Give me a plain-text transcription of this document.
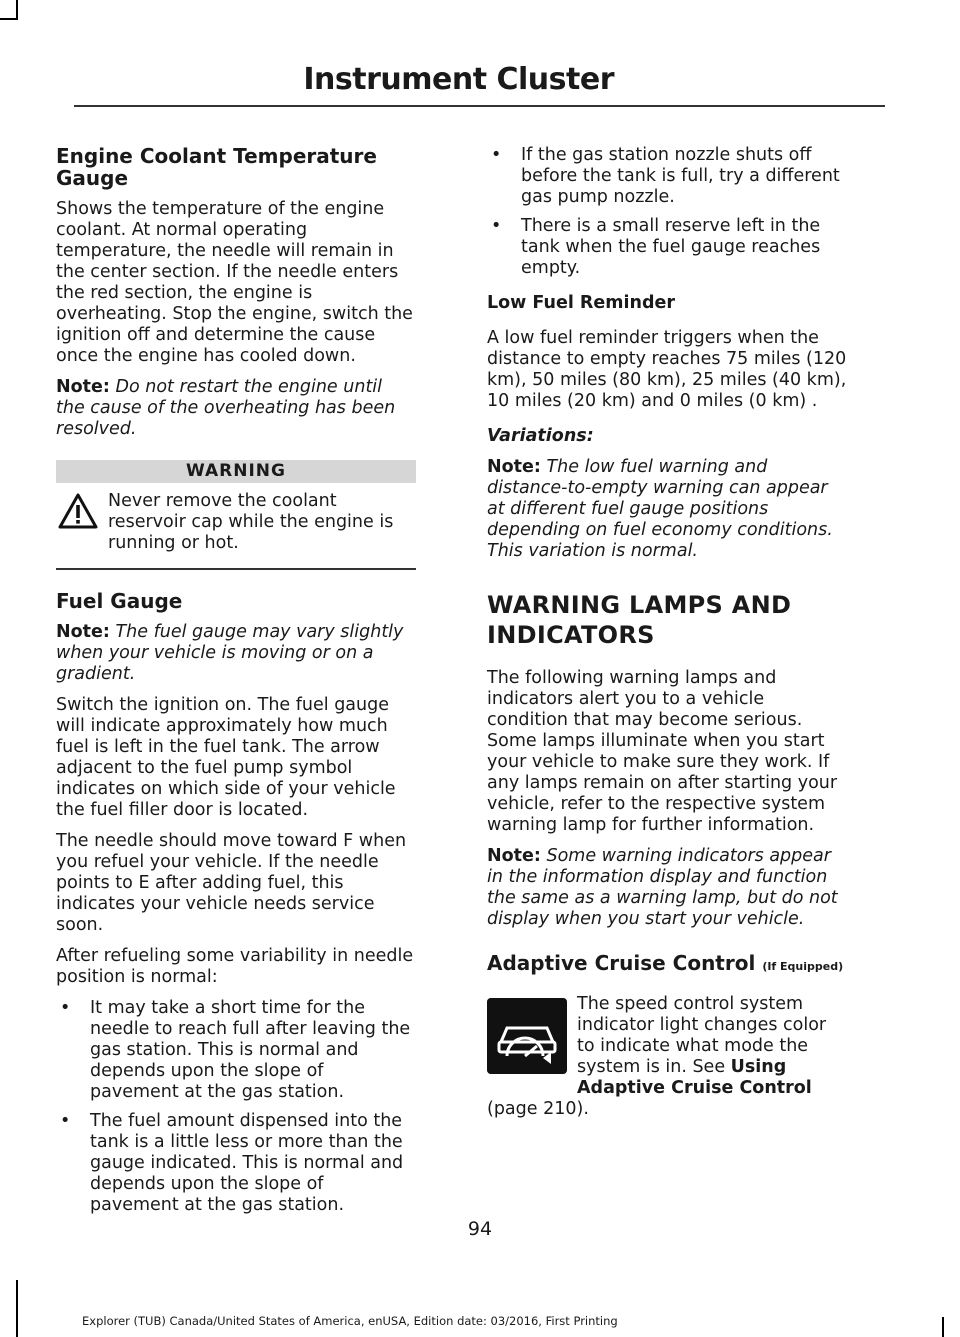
Instrument Cluster
Engine Coolant Temperature Gauge

Shows the temperature of the engine coolant. At normal operating temperature, the needle will remain in the center section. If the needle enters the red section, the engine is overheating. Stop the engine, switch the ignition off and determine the cause once the engine has cooled down.

Note: Do not restart the engine until the cause of the overheating has been resolved.

WARNING

Never remove the coolant reservoir cap while the engine is running or hot.

Fuel Gauge

Note: The fuel gauge may vary slightly when your vehicle is moving or on a gradient.

Switch the ignition on. The fuel gauge will indicate approximately how much fuel is left in the fuel tank. The arrow adjacent to the fuel pump symbol indicates on which side of your vehicle the fuel filler door is located.

The needle should move toward F when you refuel your vehicle. If the needle points to E after adding fuel, this indicates your vehicle needs service soon.

After refueling some variability in needle position is normal:

• It may take a short time for the needle to reach full after leaving the gas station. This is normal and depends upon the slope of pavement at the gas station.
• The fuel amount dispensed into the tank is a little less or more than the gauge indicated. This is normal and depends upon the slope of pavement at the gas station.
• If the gas station nozzle shuts off before the tank is full, try a different gas pump nozzle.
• There is a small reserve left in the tank when the fuel gauge reaches empty.

Low Fuel Reminder

A low fuel reminder triggers when the distance to empty reaches 75 miles (120 km), 50 miles (80 km), 25 miles (40 km), 10 miles (20 km) and 0 miles (0 km) .

Variations:

Note: The low fuel warning and distance-to-empty warning can appear at different fuel gauge positions depending on fuel economy conditions. This variation is normal.

WARNING LAMPS AND
INDICATORS

The following warning lamps and indicators alert you to a vehicle condition that may become serious. Some lamps illuminate when you start your vehicle to make sure they work. If any lamps remain on after starting your vehicle, refer to the respective system warning lamp for further information.

Note: Some warning indicators appear in the information display and function the same as a warning lamp, but do not display when you start your vehicle.

Adaptive Cruise Control (If Equipped)

The speed control system indicator light changes color to indicate what mode the system is in. See Using Adaptive Cruise Control (page 210).

94
Explorer (TUB) Canada/United States of America, enUSA, Edition date: 03/2016, First Printing
